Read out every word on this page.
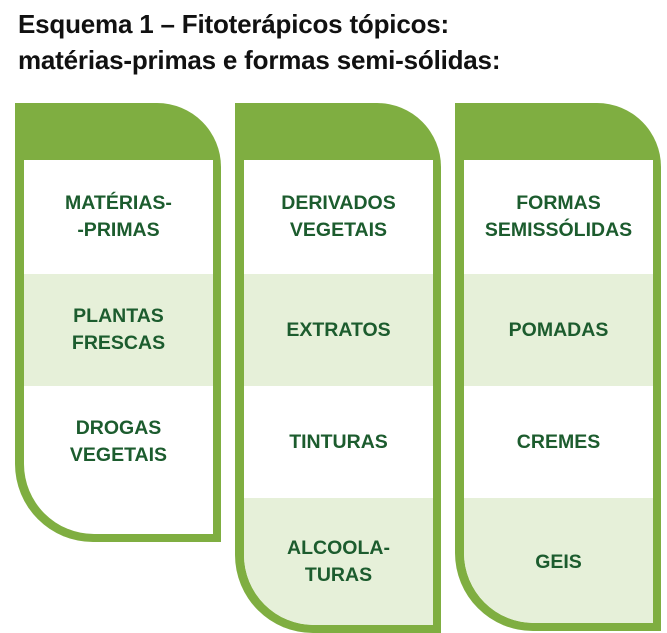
Esquema 1 – Fitoterápicos tópicos:
matérias-primas e formas semi-sólidas:
MATÉRIAS-
-PRIMAS
PLANTAS
FRESCAS
DROGAS
VEGETAIS
DERIVADOS
VEGETAIS
EXTRATOS
TINTURAS
ALCOOLA-
TURAS
FORMAS
SEMISSÓLIDAS
POMADAS
CREMES
GEIS
